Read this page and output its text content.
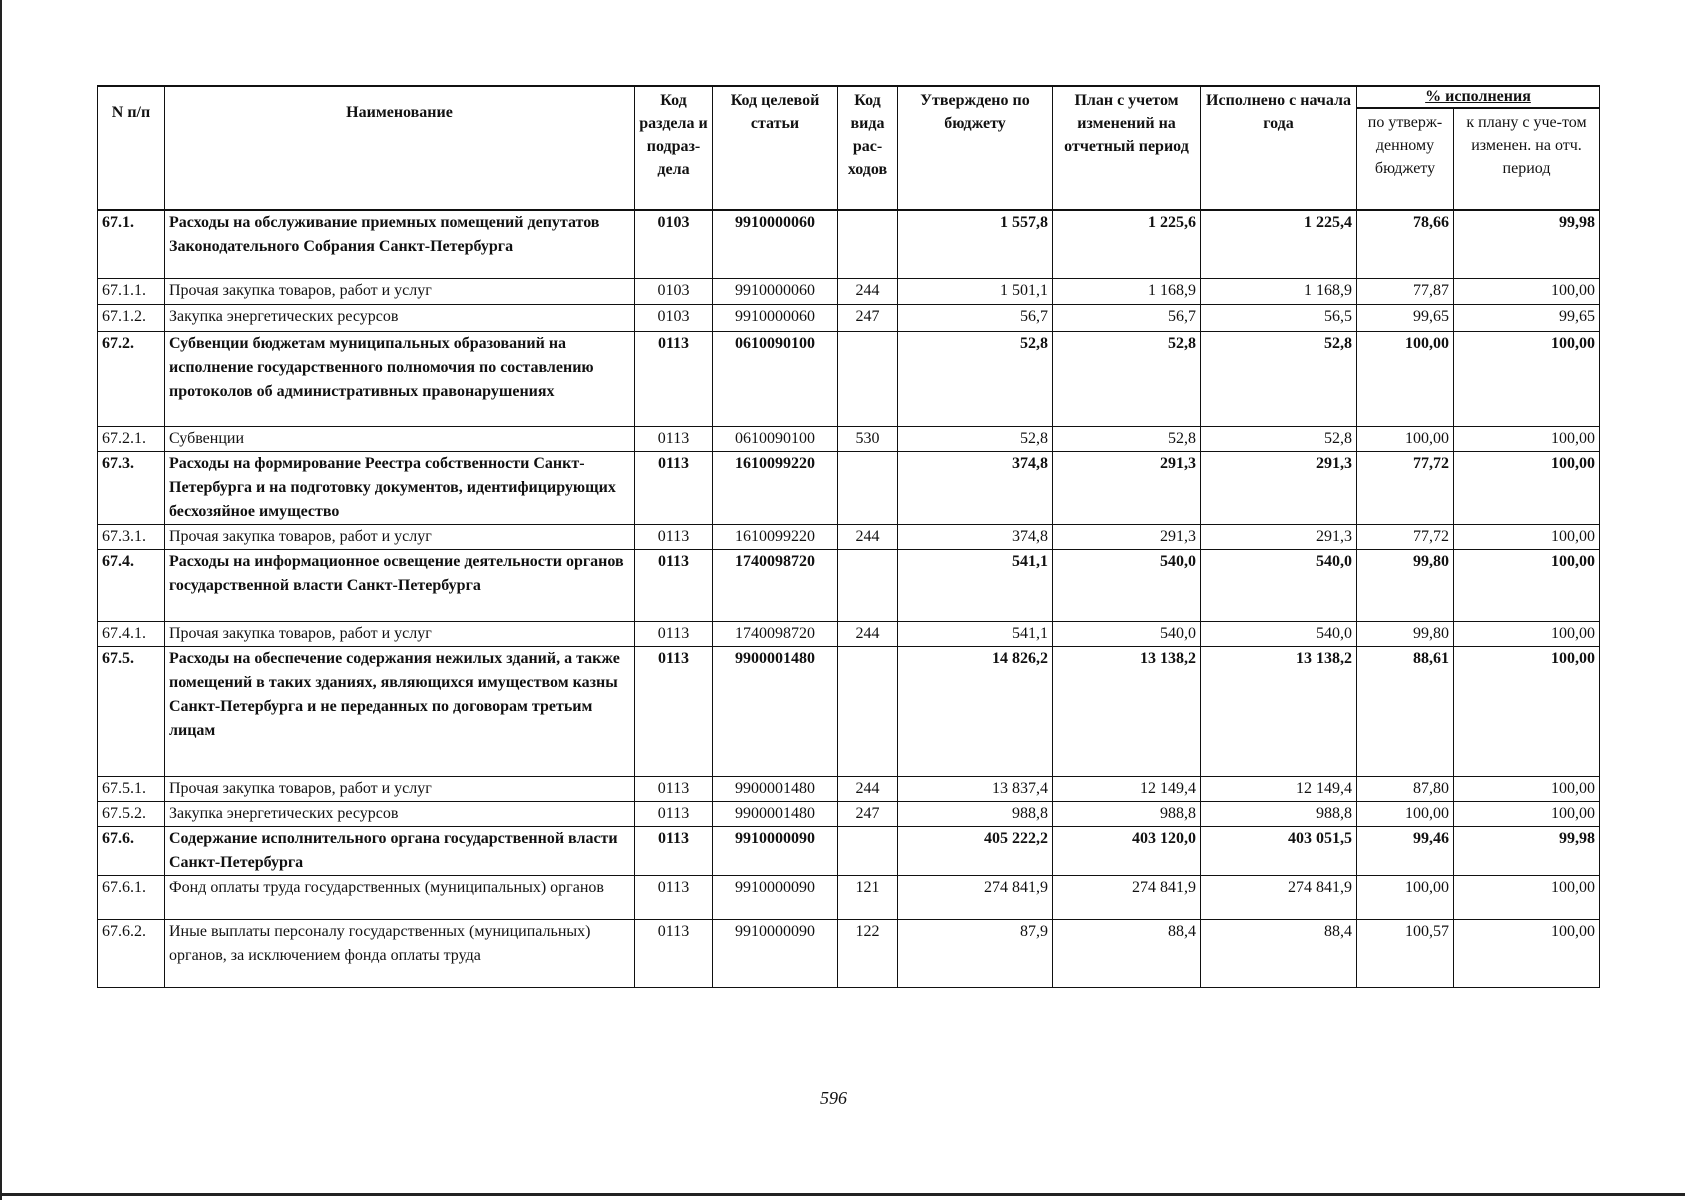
N п/п	Наименование	Код раздела и подраз-дела	Код целевой статьи	Код вида рас-ходов	Утверждено по бюджету	План с учетом изменений на отчетный период	Исполнено с начала года	% исполнения	
								по утверж-денному бюджету	к плану с уче-том изменен. на отч. период
67.1.	Расходы на обслуживание приемных помещений депутатов Законодательного Собрания Санкт-Петербурга	0103	9910000060		1 557,8	1 225,6	1 225,4	78,66	99,98
67.1.1.	Прочая закупка товаров, работ и услуг	0103	9910000060	244	1 501,1	1 168,9	1 168,9	77,87	100,00
67.1.2.	Закупка энергетических ресурсов	0103	9910000060	247	56,7	56,7	56,5	99,65	99,65
67.2.	Субвенции бюджетам муниципальных образований на исполнение государственного полномочия по составлению протоколов об административных правонарушениях	0113	0610090100		52,8	52,8	52,8	100,00	100,00
67.2.1.	Субвенции	0113	0610090100	530	52,8	52,8	52,8	100,00	100,00
67.3.	Расходы на формирование Реестра собственности Санкт-Петербурга и на подготовку документов, идентифицирующих бесхозяйное имущество	0113	1610099220		374,8	291,3	291,3	77,72	100,00
67.3.1.	Прочая закупка товаров, работ и услуг	0113	1610099220	244	374,8	291,3	291,3	77,72	100,00
67.4.	Расходы на информационное освещение деятельности органов государственной власти Санкт-Петербурга	0113	1740098720		541,1	540,0	540,0	99,80	100,00
67.4.1.	Прочая закупка товаров, работ и услуг	0113	1740098720	244	541,1	540,0	540,0	99,80	100,00
67.5.	Расходы на обеспечение содержания нежилых зданий, а также помещений в таких зданиях, являющихся имуществом казны Санкт-Петербурга и не переданных по договорам третьим лицам	0113	9900001480		14 826,2	13 138,2	13 138,2	88,61	100,00
67.5.1.	Прочая закупка товаров, работ и услуг	0113	9900001480	244	13 837,4	12 149,4	12 149,4	87,80	100,00
67.5.2.	Закупка энергетических ресурсов	0113	9900001480	247	988,8	988,8	988,8	100,00	100,00
67.6.	Содержание исполнительного органа государственной власти Санкт-Петербурга	0113	9910000090		405 222,2	403 120,0	403 051,5	99,46	99,98
67.6.1.	Фонд оплаты труда государственных (муниципальных) органов	0113	9910000090	121	274 841,9	274 841,9	274 841,9	100,00	100,00
67.6.2.	Иные выплаты персоналу государственных (муниципальных) органов, за исключением фонда оплаты труда	0113	9910000090	122	87,9	88,4	88,4	100,57	100,00
596
